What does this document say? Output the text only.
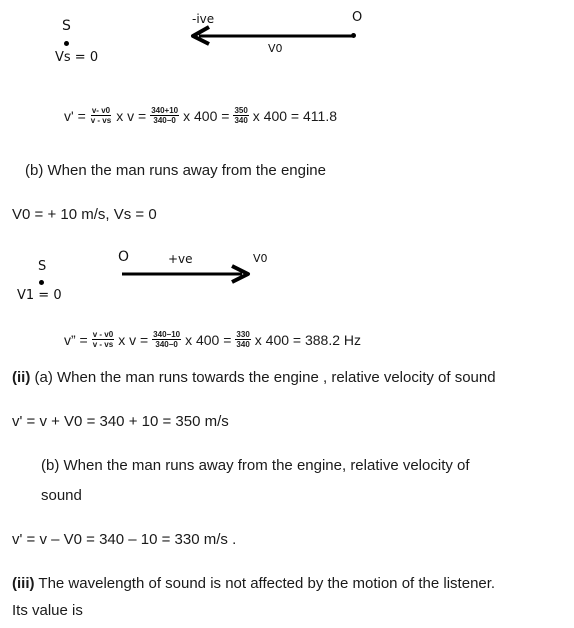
S
Vs = 0
-ive	O
V0
$v' = \frac{v- v0}{v - vs}$ x $v = \frac{340+10}{340-0}$ x $400 = \frac{350}{340}$ x 400 = 411.8
(b) When the man runs away from the engine
V0 = + 10 m/s, Vs = 0
S
V1 = 0
O	+ve	V0
v” = $\frac{v - v0}{v - vs}$ x $v = \frac{340-10}{340-0}$ x $400 = \frac{330}{340}$ x 400 = 388.2 Hz
(ii) (a) When the man runs towards the engine , relative velocity of sound
v' = v + V0 = 340 + 10 = 350 m/s
(b) When the man runs away from the engine, relative velocity of
sound
v' = v – V0 = 340 – 10 = 330 m/s .
(iii) The wavelength of sound is not affected by the motion of the listener.
Its value is
